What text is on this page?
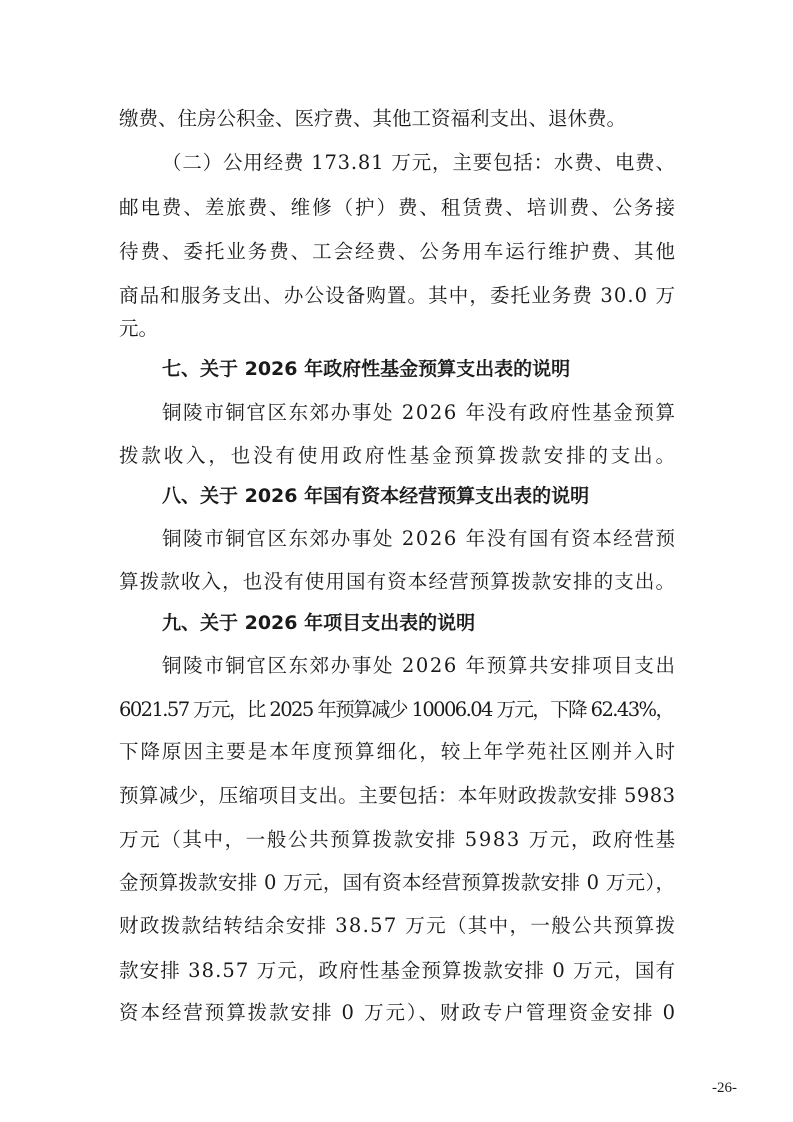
缴费、住房公积金、医疗费、其他工资福利支出、退休费。
（二）公用经费 173.81 万元，主要包括：水费、电费、
邮电费、差旅费、维修（护）费、租赁费、培训费、公务接
待费、委托业务费、工会经费、公务用车运行维护费、其他
商品和服务支出、办公设备购置。其中，委托业务费 30.0 万
元。
七、关于 2026 年政府性基金预算支出表的说明
铜陵市铜官区东郊办事处 2026 年没有政府性基金预算
拨款收入，也没有使用政府性基金预算拨款安排的支出。
八、关于 2026 年国有资本经营预算支出表的说明
铜陵市铜官区东郊办事处 2026 年没有国有资本经营预
算拨款收入，也没有使用国有资本经营预算拨款安排的支出。
九、关于 2026 年项目支出表的说明
铜陵市铜官区东郊办事处 2026 年预算共安排项目支出
6021.57 万元，比 2025 年预算减少 10006.04 万元，下降 62.43%，
下降原因主要是本年度预算细化，较上年学苑社区刚并入时
预算减少，压缩项目支出。主要包括：本年财政拨款安排 5983
万元（其中，一般公共预算拨款安排 5983 万元，政府性基
金预算拨款安排 0 万元，国有资本经营预算拨款安排 0 万元），
财政拨款结转结余安排 38.57 万元（其中，一般公共预算拨
款安排 38.57 万元，政府性基金预算拨款安排 0 万元，国有
资本经营预算拨款安排 0 万元）、财政专户管理资金安排 0
-26-
